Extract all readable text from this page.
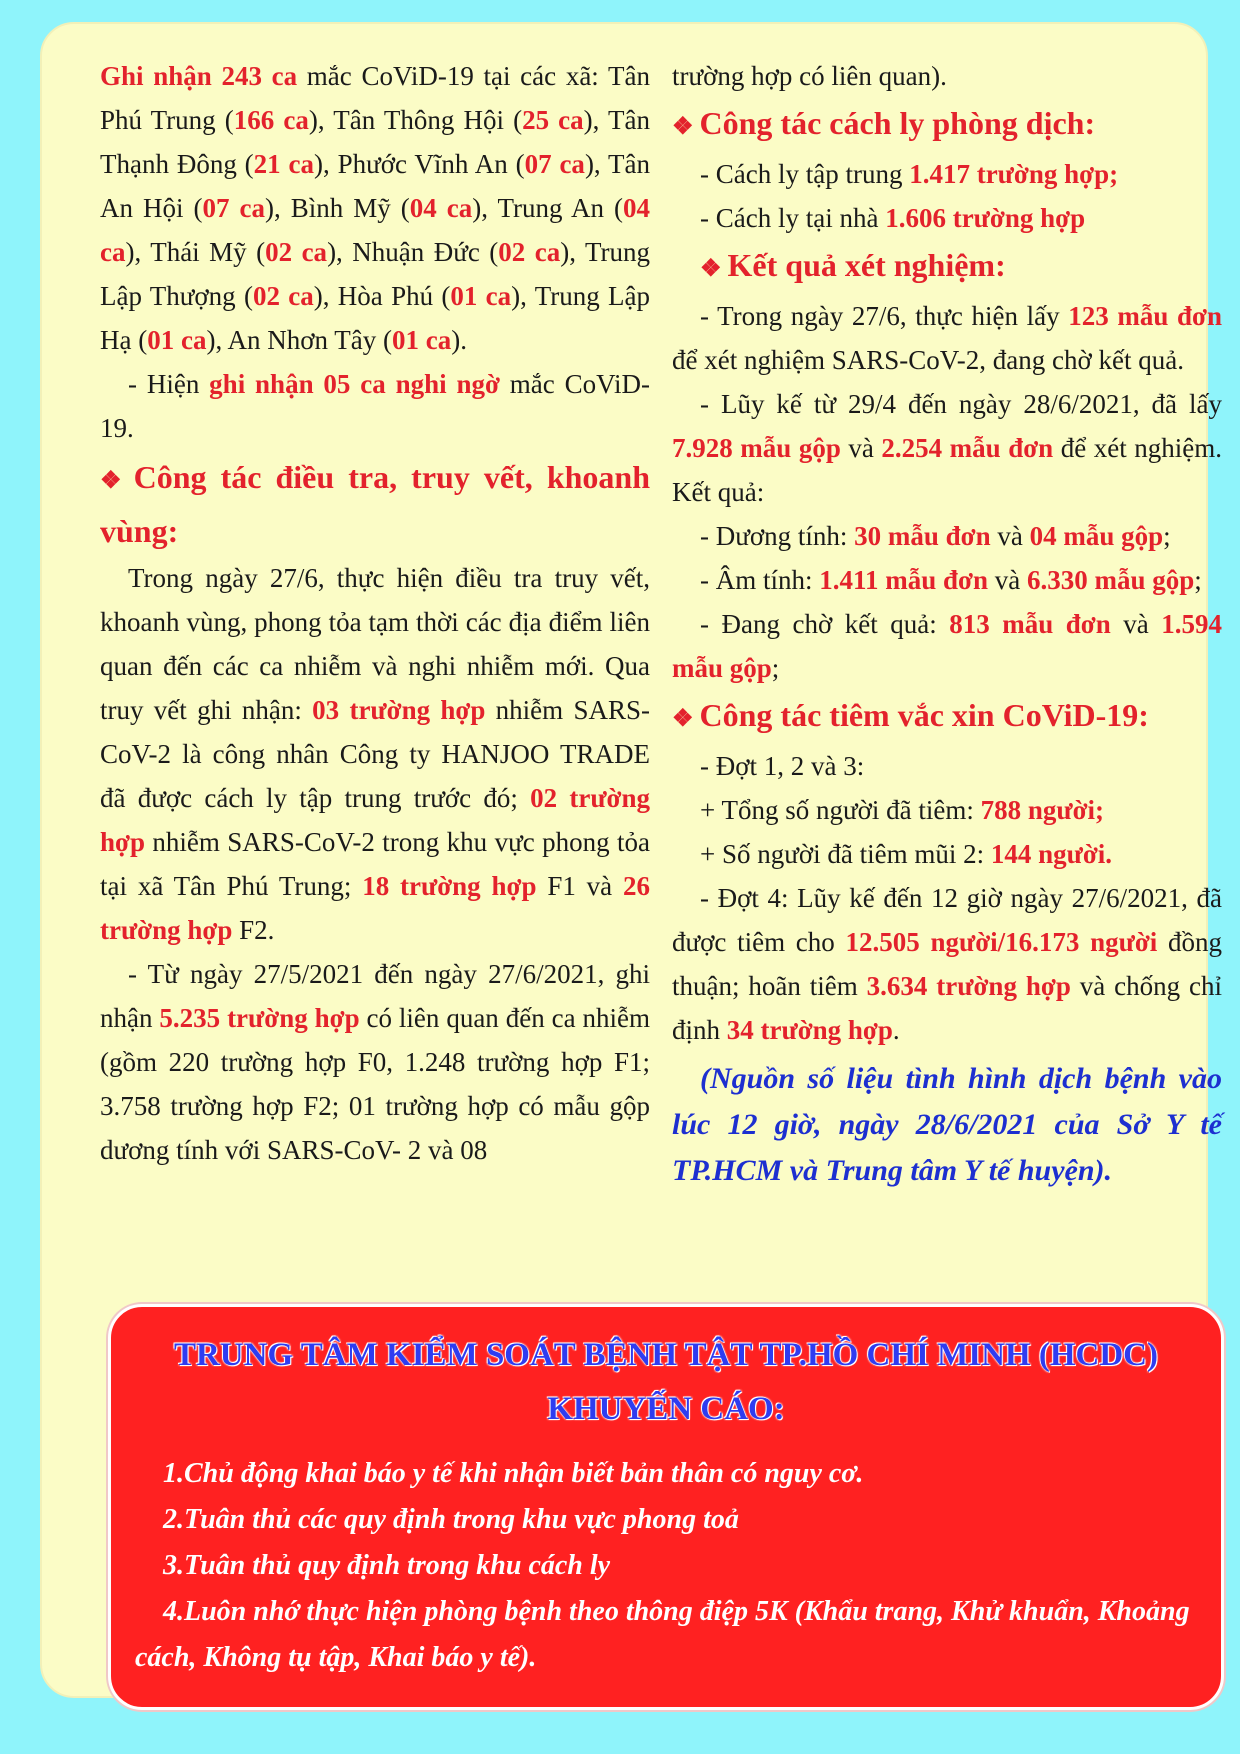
Ghi nhận 243 ca mắc CoViD-19 tại các xã: Tân Phú Trung (166 ca), Tân Thông Hội (25 ca), Tân Thạnh Đông (21 ca), Phước Vĩnh An (07 ca), Tân An Hội (07 ca), Bình Mỹ (04 ca), Trung An (04 ca), Thái Mỹ (02 ca), Nhuận Đức (02 ca), Trung Lập Thượng (02 ca), Hòa Phú (01 ca), Trung Lập Hạ (01 ca), An Nhơn Tây (01 ca).

- Hiện ghi nhận 05 ca nghi ngờ mắc CoViD-19.

❖ Công tác điều tra, truy vết, khoanh vùng:

Trong ngày 27/6, thực hiện điều tra truy vết, khoanh vùng, phong tỏa tạm thời các địa điểm liên quan đến các ca nhiễm và nghi nhiễm mới. Qua truy vết ghi nhận: 03 trường hợp nhiễm SARS-CoV-2 là công nhân Công ty HANJOO TRADE đã được cách ly tập trung trước đó; 02 trường hợp nhiễm SARS-CoV-2 trong khu vực phong tỏa tại xã Tân Phú Trung; 18 trường hợp F1 và 26 trường hợp F2.

- Từ ngày 27/5/2021 đến ngày 27/6/2021, ghi nhận 5.235 trường hợp có liên quan đến ca nhiễm (gồm 220 trường hợp F0, 1.248 trường hợp F1; 3.758 trường hợp F2; 01 trường hợp có mẫu gộp dương tính với SARS-CoV- 2 và 08

trường hợp có liên quan).

❖ Công tác cách ly phòng dịch:

- Cách ly tập trung 1.417 trường hợp;

- Cách ly tại nhà 1.606 trường hợp

❖ Kết quả xét nghiệm:

- Trong ngày 27/6, thực hiện lấy 123 mẫu đơn để xét nghiệm SARS-CoV-2, đang chờ kết quả.

- Lũy kế từ 29/4 đến ngày 28/6/2021, đã lấy 7.928 mẫu gộp và 2.254 mẫu đơn để xét nghiệm. Kết quả:

- Dương tính: 30 mẫu đơn và 04 mẫu gộp;

- Âm tính: 1.411 mẫu đơn và 6.330 mẫu gộp;

- Đang chờ kết quả: 813 mẫu đơn và 1.594 mẫu gộp;

❖ Công tác tiêm vắc xin CoViD-19:

- Đợt 1, 2 và 3:

+ Tổng số người đã tiêm: 788 người;

+ Số người đã tiêm mũi 2: 144 người.

- Đợt 4: Lũy kế đến 12 giờ ngày 27/6/2021, đã được tiêm cho 12.505 người/16.173 người đồng thuận; hoãn tiêm 3.634 trường hợp và chống chỉ định 34 trường hợp.

(Nguồn số liệu tình hình dịch bệnh vào lúc 12 giờ, ngày 28/6/2021 của Sở Y tế TP.HCM và Trung tâm Y tế huyện).

TRUNG TÂM KIỂM SOÁT BỆNH TẬT TP.HỒ CHÍ MINH (HCDC)
KHUYẾN CÁO:
1.Chủ động khai báo y tế khi nhận biết bản thân có nguy cơ.
2.Tuân thủ các quy định trong khu vực phong toả
3.Tuân thủ quy định trong khu cách ly
4.Luôn nhớ thực hiện phòng bệnh theo thông điệp 5K (Khẩu trang, Khử khuẩn, Khoảng cách, Không tụ tập, Khai báo y tế).
